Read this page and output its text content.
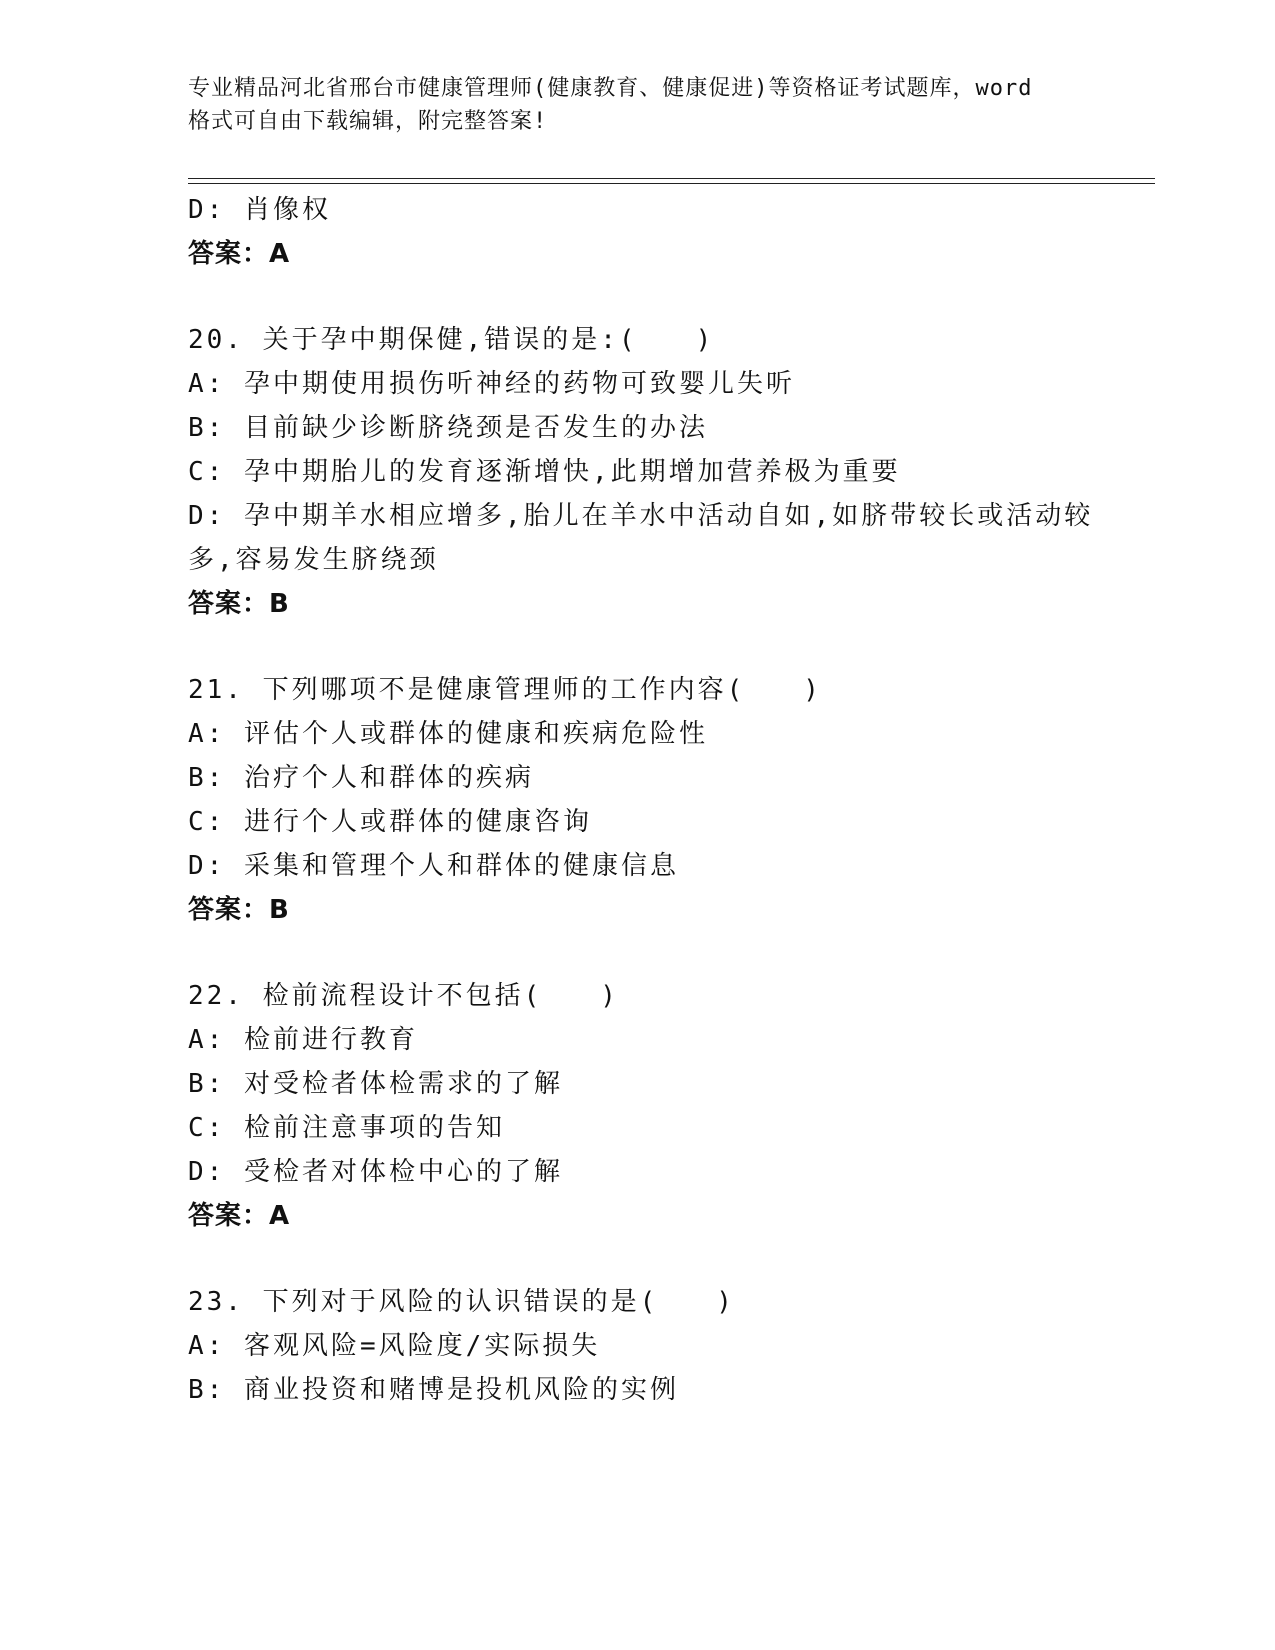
专业精品河北省邢台市健康管理师(健康教育、健康促进)等资格证考试题库，word
格式可自由下载编辑，附完整答案!
D: 肖像权
答案：A
20. 关于孕中期保健,错误的是:(　　)
A: 孕中期使用损伤听神经的药物可致婴儿失听
B: 目前缺少诊断脐绕颈是否发生的办法
C: 孕中期胎儿的发育逐渐增快,此期增加营养极为重要
D: 孕中期羊水相应增多,胎儿在羊水中活动自如,如脐带较长或活动较
多,容易发生脐绕颈
答案：B
21. 下列哪项不是健康管理师的工作内容(　　)
A: 评估个人或群体的健康和疾病危险性
B: 治疗个人和群体的疾病
C: 进行个人或群体的健康咨询
D: 采集和管理个人和群体的健康信息
答案：B
22. 检前流程设计不包括(　　)
A: 检前进行教育
B: 对受检者体检需求的了解
C: 检前注意事项的告知
D: 受检者对体检中心的了解
答案：A
23. 下列对于风险的认识错误的是(　　)
A: 客观风险=风险度/实际损失
B: 商业投资和赌博是投机风险的实例
